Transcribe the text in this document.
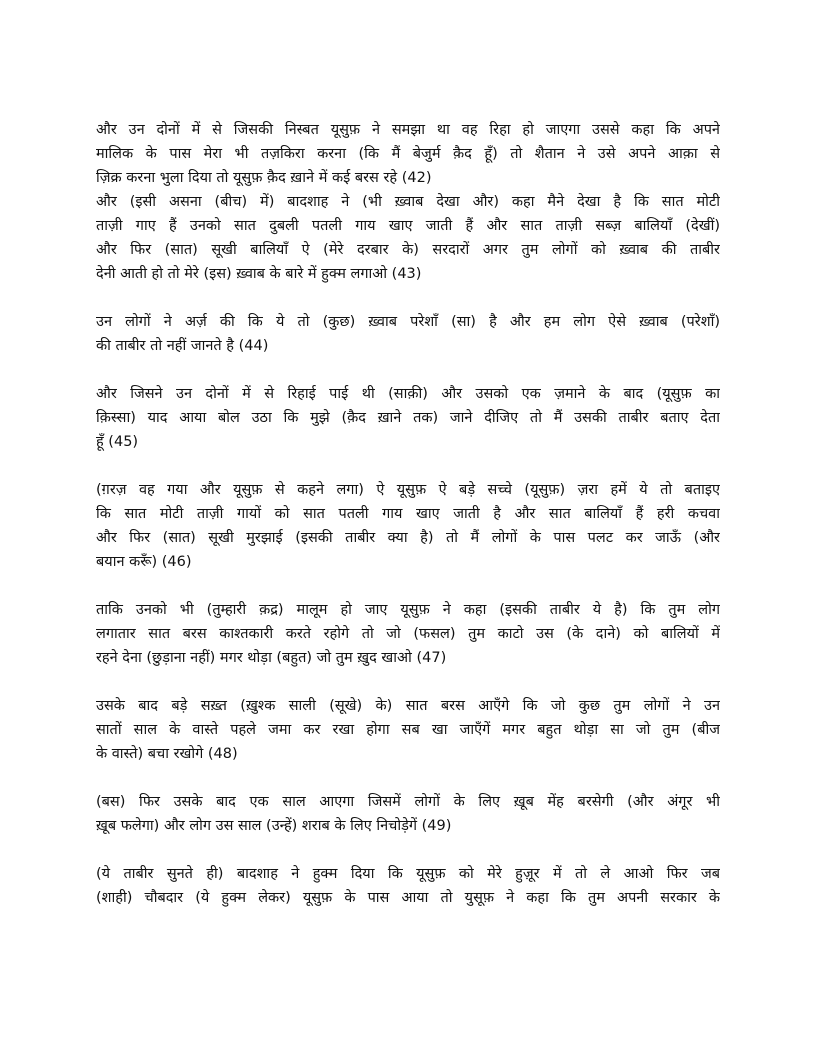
और उन दोनों में से जिसकी निस्बत यूसुफ़ ने समझा था वह रिहा हो जाएगा उससे कहा कि अपने
मालिक के पास मेरा भी तज़किरा करना (कि मैं बेजुर्म क़ैद हूँ) तो शैतान ने उसे अपने आक़ा से
ज़िक्र करना भुला दिया तो यूसुफ़ क़ैद ख़ाने में कई बरस रहे (42)
और (इसी असना (बीच) में) बादशाह ने (भी ख़्वाब देखा और) कहा मैने देखा है कि सात मोटी
ताज़ी गाए हैं उनको सात दुबली पतली गाय खाए जाती हैं और सात ताज़ी सब्ज़ बालियाँ (देखीं)
और फिर (सात) सूखी बालियाँ ऐ (मेरे दरबार के) सरदारों अगर तुम लोगों को ख़्वाब की ताबीर
देनी आती हो तो मेरे (इस) ख़्वाब के बारे में हुक्म लगाओ (43)
उन लोगों ने अर्ज़ की कि ये तो (कुछ) ख़्वाब परेशाँ (सा) है और हम लोग ऐसे ख़्वाब (परेशाँ)
की ताबीर तो नहीं जानते है (44)
और जिसने उन दोनों में से रिहाई पाई थी (साक़ी) और उसको एक ज़माने के बाद (यूसुफ़ का
क़िस्सा) याद आया बोल उठा कि मुझे (क़ैद ख़ाने तक) जाने दीजिए तो मैं उसकी ताबीर बताए देता
हूँ (45)
(ग़रज़ वह गया और यूसुफ़ से कहने लगा) ऐ यूसुफ़ ऐ बड़े सच्चे (यूसुफ़) ज़रा हमें ये तो बताइए
कि सात मोटी ताज़ी गायों को सात पतली गाय खाए जाती है और सात बालियाँ हैं हरी कचवा
और फिर (सात) सूखी मुरझाई (इसकी ताबीर क्या है) तो मैं लोगों के पास पलट कर जाऊँ (और
बयान करूँ) (46)
ताकि उनको भी (तुम्हारी क़द्र) मालूम हो जाए यूसुफ़ ने कहा (इसकी ताबीर ये है) कि तुम लोग
लगातार सात बरस काश्तकारी करते रहोगे तो जो (फसल) तुम काटो उस (के दाने) को बालियों में
रहने देना (छुड़ाना नहीं) मगर थोड़ा (बहुत) जो तुम ख़ुद खाओ (47)
उसके बाद बड़े सख़्त (ख़ुश्क साली (सूखे) के) सात बरस आएँगे कि जो कुछ तुम लोगों ने उन
सातों साल के वास्ते पहले जमा कर रखा होगा सब खा जाएँगें मगर बहुत थोड़ा सा जो तुम (बीज
के वास्ते) बचा रखोगे (48)
(बस) फिर उसके बाद एक साल आएगा जिसमें लोगों के लिए ख़ूब मेंह बरसेगी (और अंगूर भी
ख़ूब फलेगा) और लोग उस साल (उन्हें) शराब के लिए निचोड़ेगें (49)
(ये ताबीर सुनते ही) बादशाह ने हुक्म दिया कि यूसुफ़ को मेरे हुज़ूर में तो ले आओ फिर जब
(शाही) चौबदार (ये हुक्म लेकर) यूसुफ़ के पास आया तो युसूफ़ ने कहा कि तुम अपनी सरकार के
